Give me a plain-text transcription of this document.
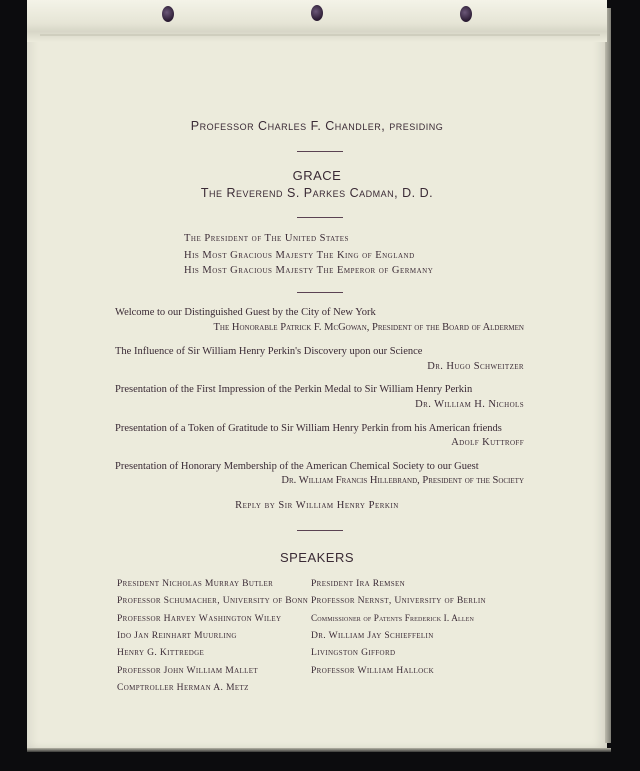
Professor Charles F. Chandler, presiding
GRACE
The Reverend S. Parkes Cadman, D. D.
The President of The United States
His Most Gracious Majesty The King of England
His Most Gracious Majesty The Emperor of Germany
Welcome to our Distinguished Guest by the City of New York
The Honorable Patrick F. McGowan, President of the Board of Aldermen
The Influence of Sir William Henry Perkin's Discovery upon our Science
Dr. Hugo Schweitzer
Presentation of the First Impression of the Perkin Medal to Sir William Henry Perkin
Dr. William H. Nichols
Presentation of a Token of Gratitude to Sir William Henry Perkin from his American friends
Adolf Kuttroff
Presentation of Honorary Membership of the American Chemical Society to our Guest
Dr. William Francis Hillebrand, President of the Society
Reply by Sir William Henry Perkin
SPEAKERS
President Nicholas Murray Butler
Professor Schumacher, University of Bonn
Professor Harvey Washington Wiley
Ido Jan Reinhart Muurling
Henry G. Kittredge
Professor John William Mallet
Comptroller Herman A. Metz
President Ira Remsen
Professor Nernst, University of Berlin
Commissioner of Patents Frederick I. Allen
Dr. William Jay Schieffelin
Livingston Gifford
Professor William Hallock
